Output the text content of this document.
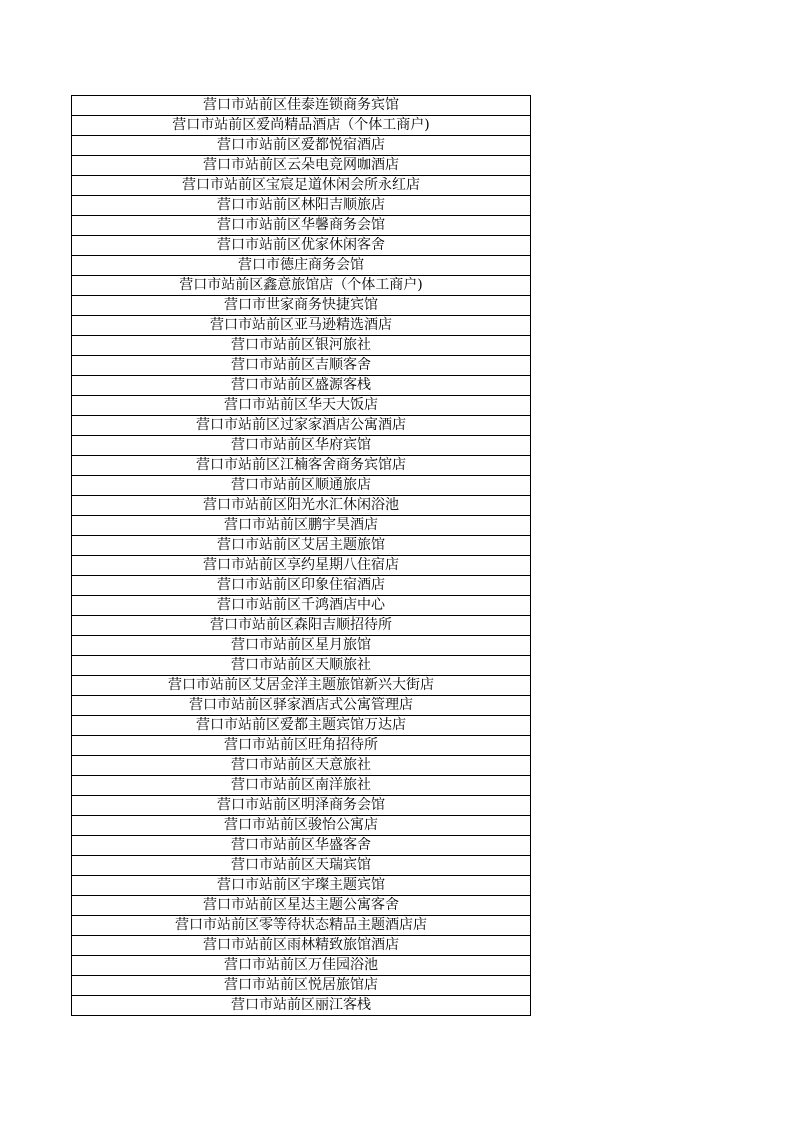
营口市站前区佳泰连锁商务宾馆
营口市站前区爱尚精品酒店（个体工商户)
营口市站前区爱都悦宿酒店
营口市站前区云朵电竞网咖酒店
营口市站前区宝宸足道休闲会所永红店
营口市站前区林阳吉顺旅店
营口市站前区华馨商务会馆
营口市站前区优家休闲客舍
营口市德庄商务会馆
营口市站前区鑫意旅馆店（个体工商户)
营口市世家商务快捷宾馆
营口市站前区亚马逊精选酒店
营口市站前区银河旅社
营口市站前区吉顺客舍
营口市站前区盛源客栈
营口市站前区华天大饭店
营口市站前区过家家酒店公寓酒店
营口市站前区华府宾馆
营口市站前区江楠客舍商务宾馆店
营口市站前区顺通旅店
营口市站前区阳光水汇休闲浴池
营口市站前区鹏宇昊酒店
营口市站前区艾居主题旅馆
营口市站前区享约星期八住宿店
营口市站前区印象住宿酒店
营口市站前区千鸿酒店中心
营口市站前区森阳吉顺招待所
营口市站前区星月旅馆
营口市站前区天顺旅社
营口市站前区艾居金洋主题旅馆新兴大街店
营口市站前区驿家酒店式公寓管理店
营口市站前区爱都主题宾馆万达店
营口市站前区旺角招待所
营口市站前区天意旅社
营口市站前区南洋旅社
营口市站前区明泽商务会馆
营口市站前区骏怡公寓店
营口市站前区华盛客舍
营口市站前区天瑞宾馆
营口市站前区宇璨主题宾馆
营口市站前区星达主题公寓客舍
营口市站前区零等待状态精品主题酒店店
营口市站前区雨林精致旅馆酒店
营口市站前区万佳园浴池
营口市站前区悦居旅馆店
营口市站前区丽江客栈
